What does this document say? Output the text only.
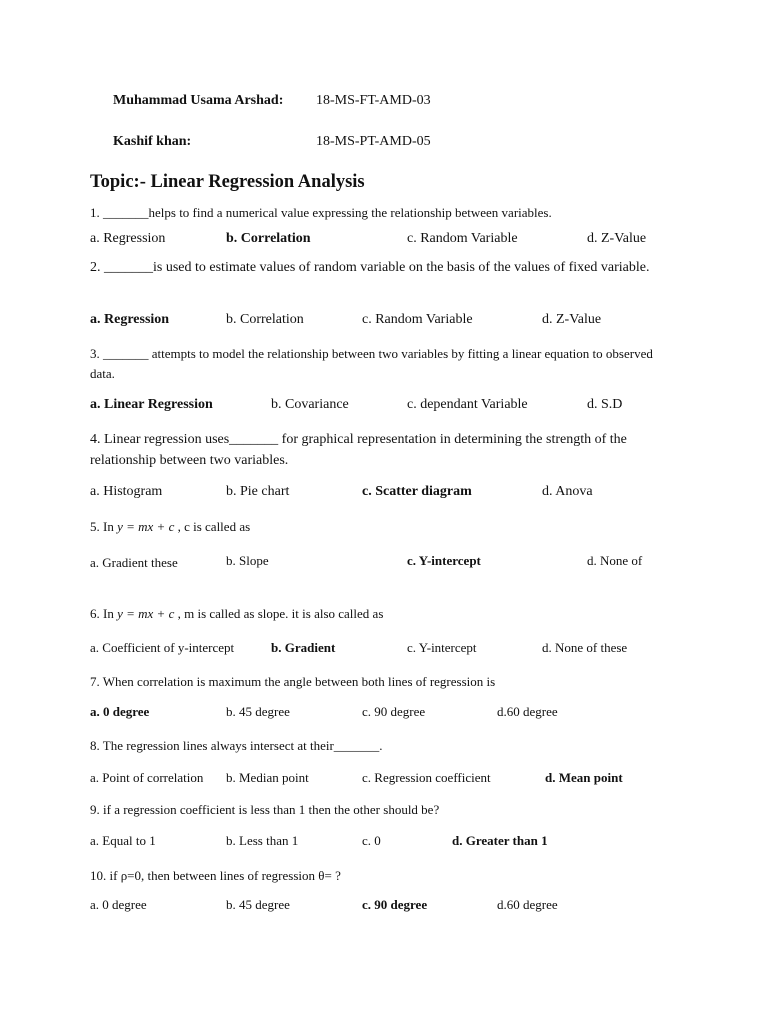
Muhammad Usama Arshad: 18-MS-FT-AMD-03
Kashif khan:	18-MS-PT-AMD-05
Topic:- Linear Regression Analysis
1. _______helps to find a numerical value expressing the relationship between variables.
a. Regression	b. Correlation	c. Random Variable	d. Z-Value
2. _______is used to estimate values of random variable on the basis of the values of fixed variable.
a. Regression	b. Correlation	c. Random Variable	d. Z-Value
3. _______ attempts to model the relationship between two variables by fitting a linear equation to observed data.
a. Linear Regression	b. Covariance	c. dependant Variable	d. S.D
4. Linear regression uses_______ for graphical representation in determining the strength of the relationship between two variables.
a. Histogram	b. Pie chart	c. Scatter diagram	d. Anova
5. In y = mx + c , c is called as
a. Gradient these	b. Slope	c. Y-intercept	d. None of
6. In y = mx + c , m is called as slope. it is also called as
a. Coefficient of y-intercept	b. Gradient	c. Y-intercept	d. None of these
7. When correlation is maximum the angle between both lines of regression is
a. 0 degree	b. 45 degree	c. 90 degree	d.60 degree
8. The regression lines always intersect at their_______.
a. Point of correlation b. Median point	c. Regression coefficient	d. Mean point
9. if a regression coefficient is less than 1 then the other should be?
a. Equal to 1	b. Less than 1	c. 0	d. Greater than 1
10. if ρ=0, then between lines of regression θ= ?
a. 0 degree	b. 45 degree	c. 90 degree	d.60 degree
